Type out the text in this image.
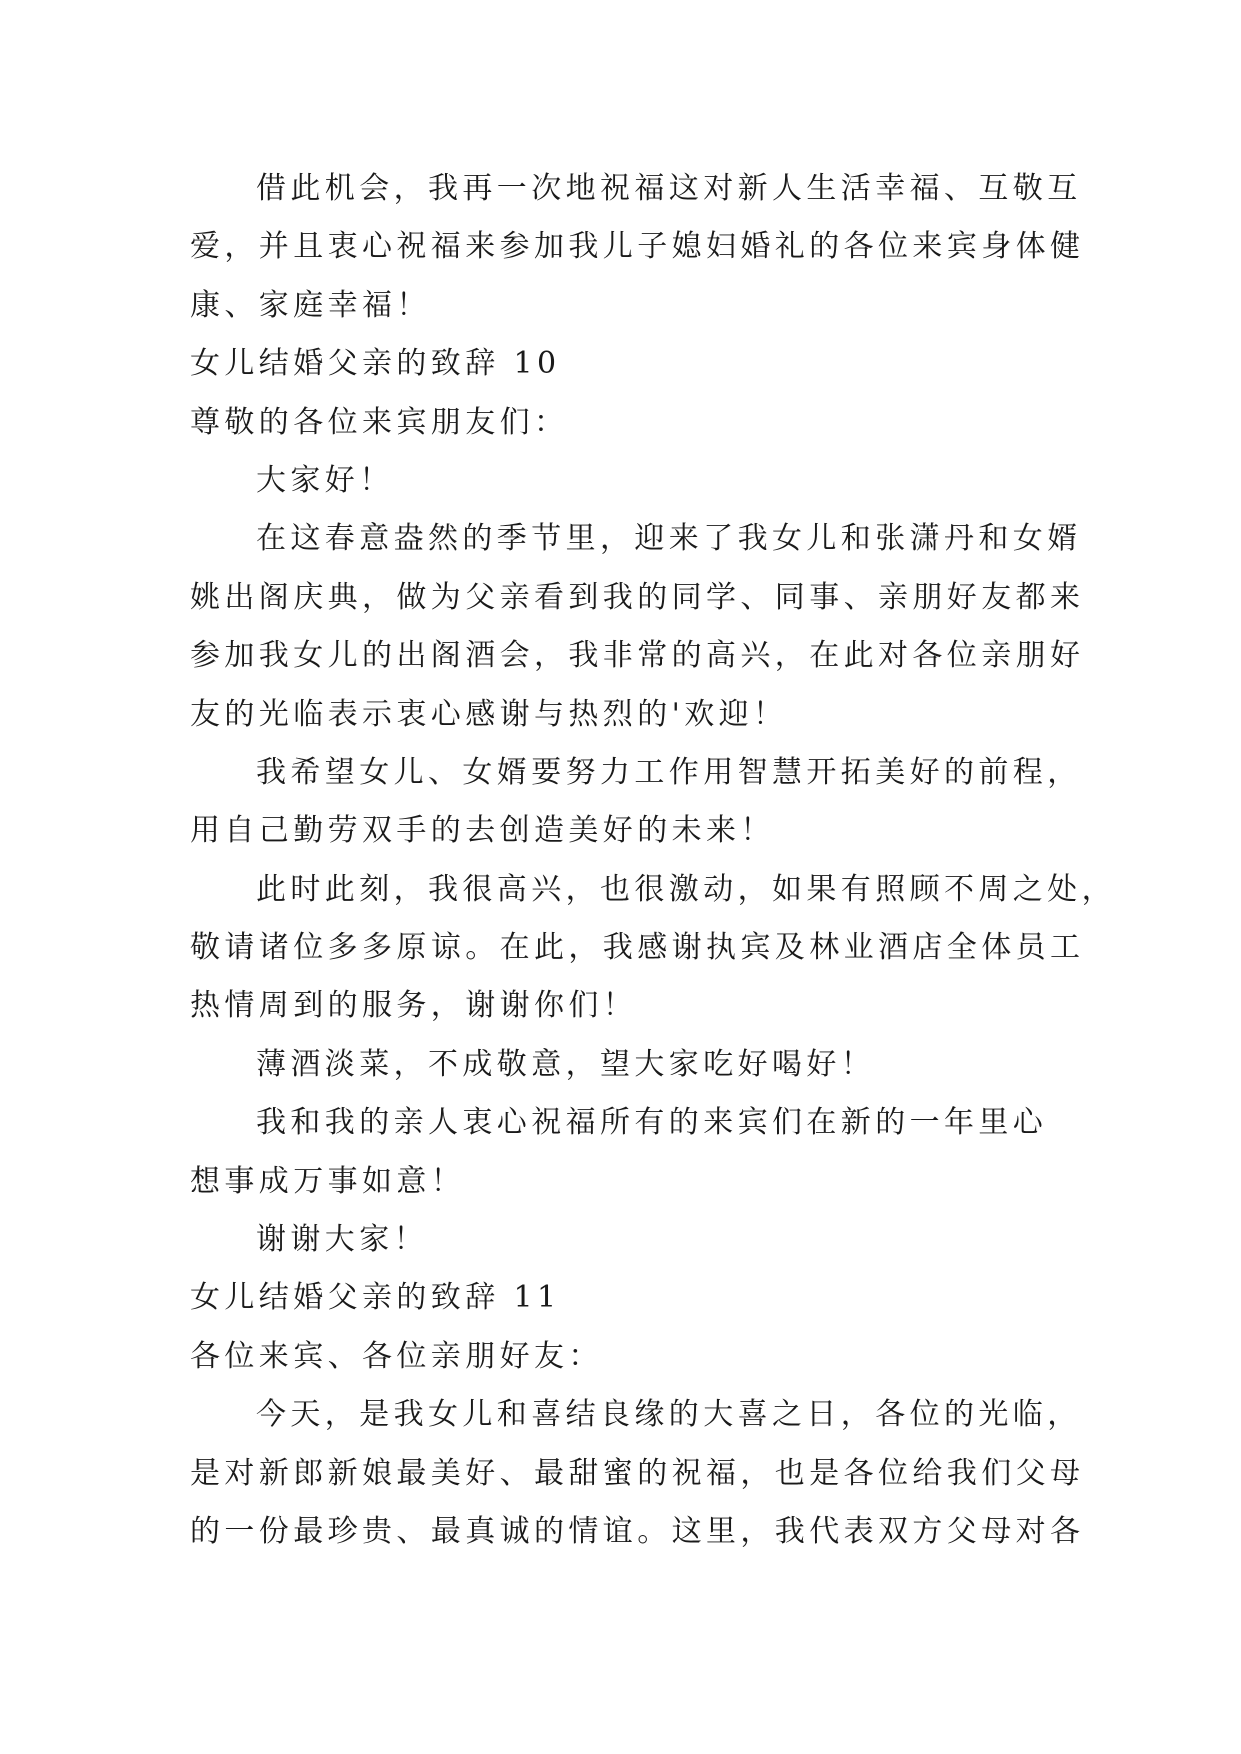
借此机会，我再一次地祝福这对新人生活幸福、互敬互
爱，并且衷心祝福来参加我儿子媳妇婚礼的各位来宾身体健
康、家庭幸福！
女儿结婚父亲的致辞 10
尊敬的各位来宾朋友们：
大家好！
在这春意盎然的季节里，迎来了我女儿和张潇丹和女婿
姚出阁庆典，做为父亲看到我的同学、同事、亲朋好友都来
参加我女儿的出阁酒会，我非常的高兴，在此对各位亲朋好
友的光临表示衷心感谢与热烈的'欢迎！
我希望女儿、女婿要努力工作用智慧开拓美好的前程，
用自己勤劳双手的去创造美好的未来！
此时此刻，我很高兴，也很激动，如果有照顾不周之处，
敬请诸位多多原谅。在此，我感谢执宾及林业酒店全体员工
热情周到的服务，谢谢你们！
薄酒淡菜，不成敬意，望大家吃好喝好！
我和我的亲人衷心祝福所有的来宾们在新的一年里心
想事成万事如意！
谢谢大家！
女儿结婚父亲的致辞 11
各位来宾、各位亲朋好友：
今天，是我女儿和喜结良缘的大喜之日，各位的光临，
是对新郎新娘最美好、最甜蜜的祝福，也是各位给我们父母
的一份最珍贵、最真诚的情谊。这里，我代表双方父母对各
